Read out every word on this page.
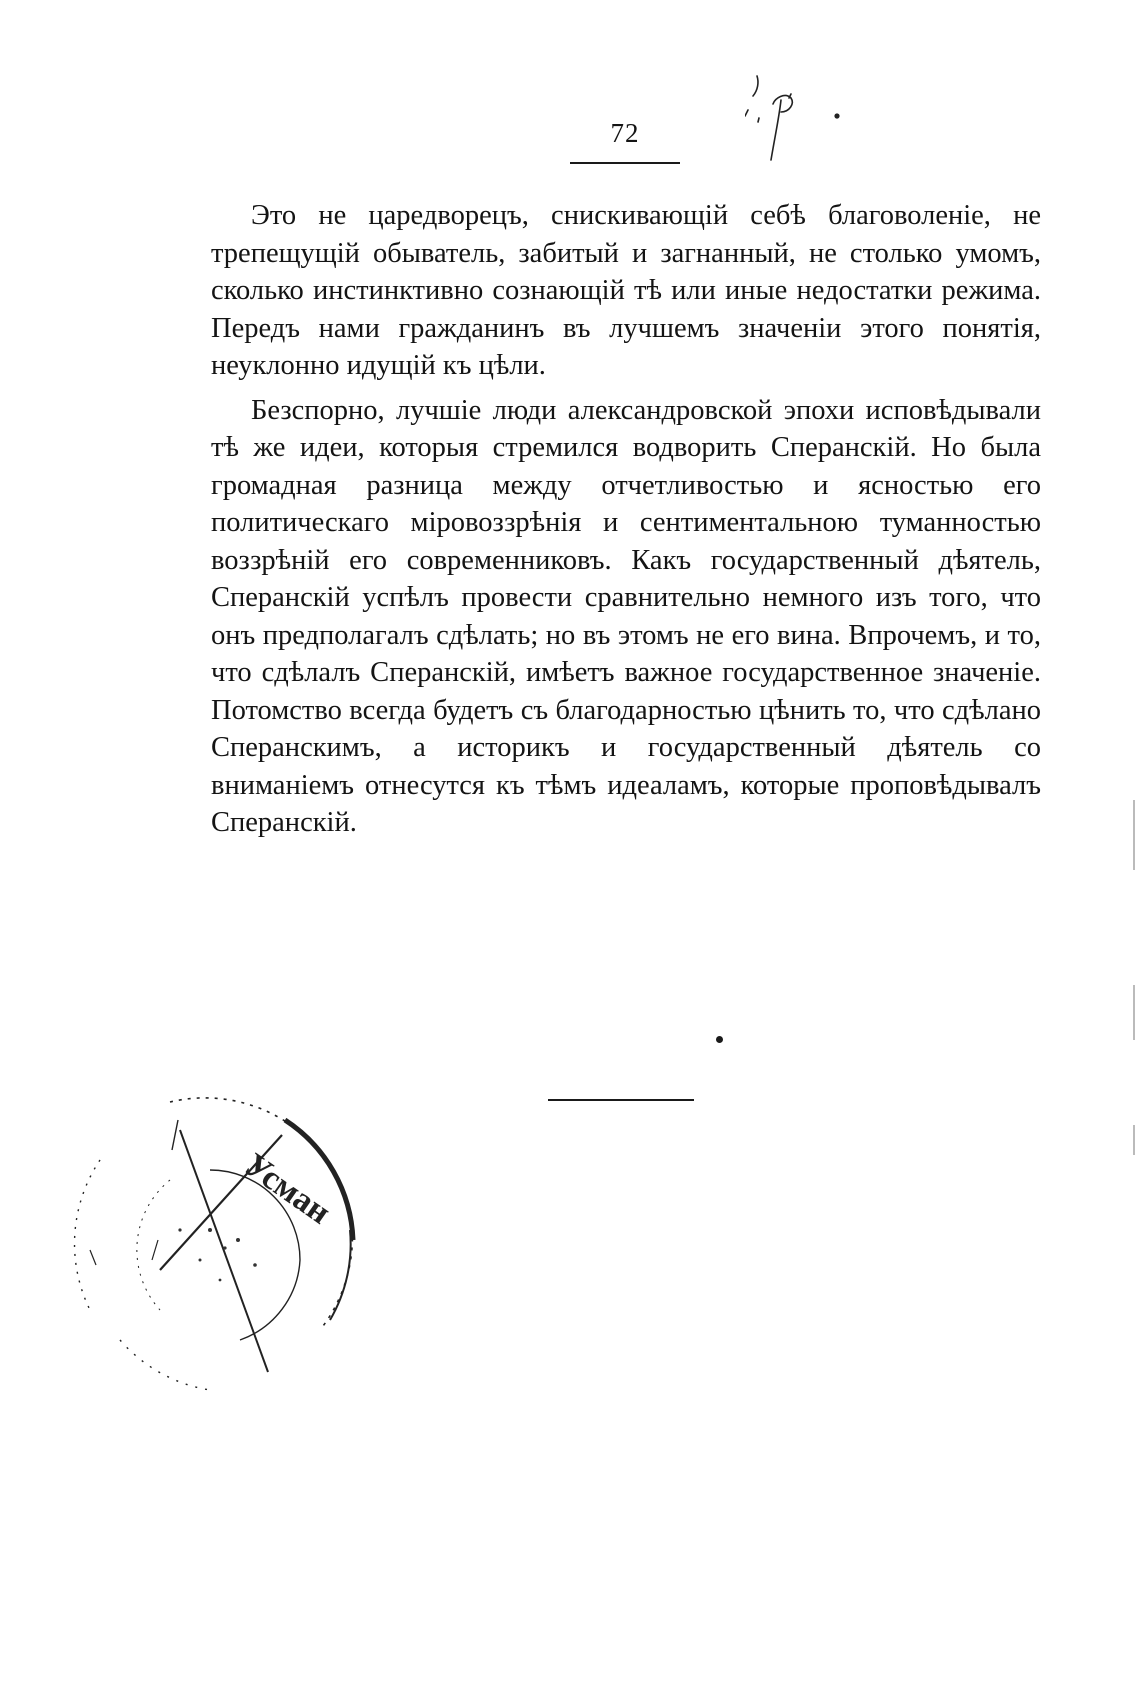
72

Это не царедворецъ, снискивающій себѣ благоволеніе, не трепещущій обыватель, забитый и загнанный, не столько умомъ, сколько инстинктивно сознающій тѣ или иные недостатки режима. Передъ нами гражданинъ въ лучшемъ значеніи этого понятія, неуклонно идущій къ цѣли.

Безспорно, лучшіе люди александровской эпохи исповѣдывали тѣ же идеи, которыя стремился водворить Сперанскій. Но была громадная разница между отчетливостью и ясностью его политическаго міровоззрѣнія и сентиментальною туманностью воззрѣній его современниковъ. Какъ государственный дѣятель, Сперанскій успѣлъ провести сравнительно немного изъ того, что онъ предполагалъ сдѣлать; но въ этомъ не его вина. Впрочемъ, и то, что сдѣлалъ Сперанскій, имѣетъ важное государственное значеніе. Потомство всегда будетъ съ благодарностью цѣнить то, что сдѣлано Сперанскимъ, а историкъ и государственный дѣятель со вниманіемъ отнесутся къ тѣмъ идеаламъ, которые проповѣдывалъ Сперанскій.

Усман
